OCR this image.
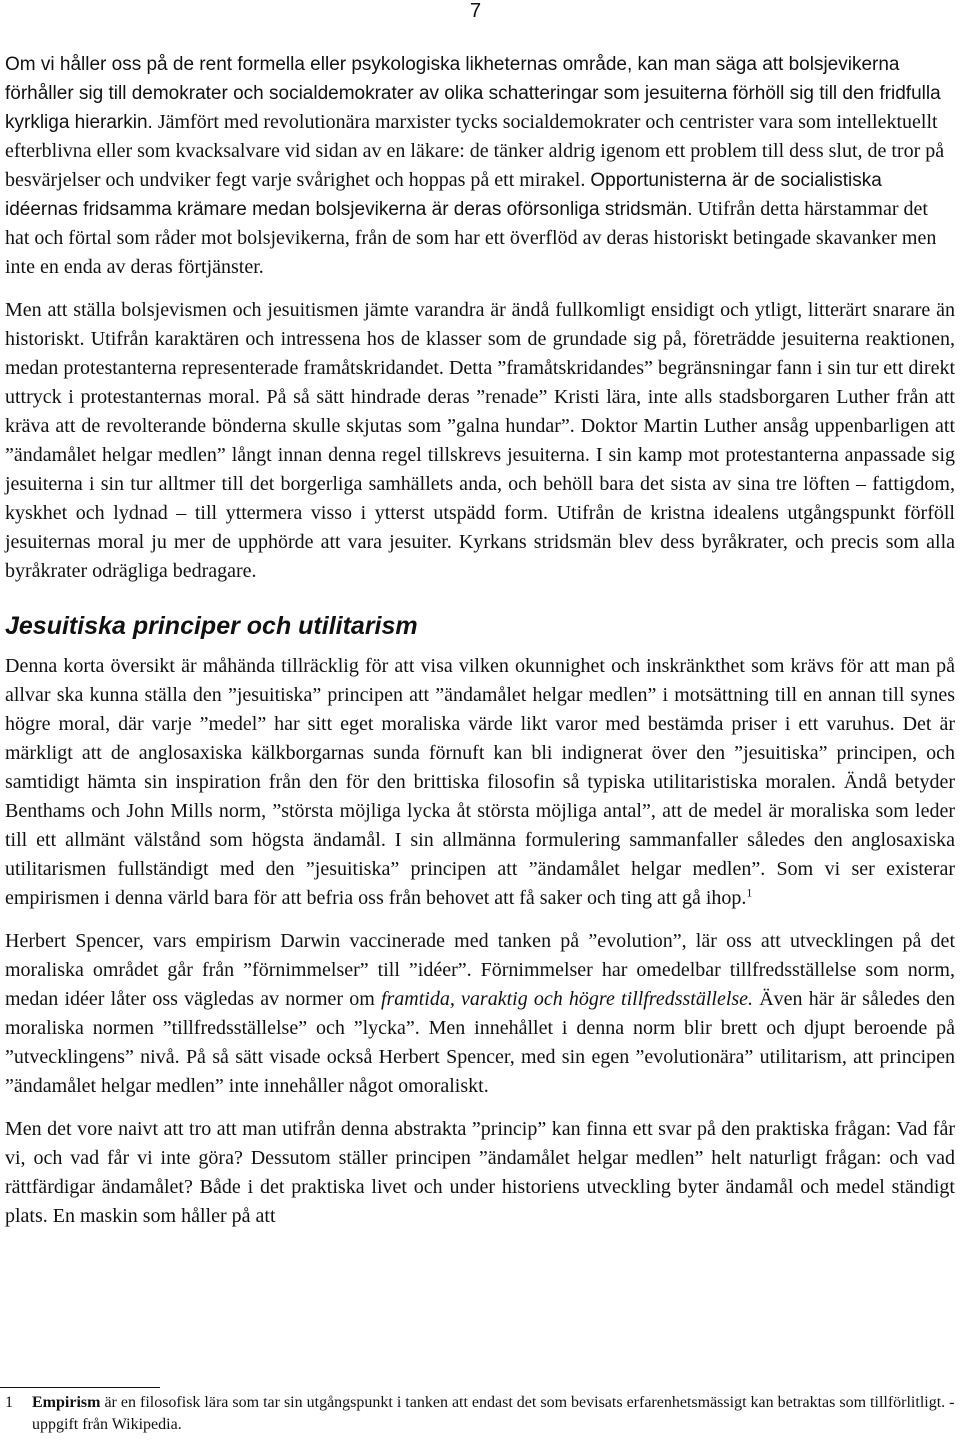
7

Om vi håller oss på de rent formella eller psykologiska likheternas område, kan man säga att bolsjevikerna förhåller sig till demokrater och socialdemokrater av olika schatteringar som jesuiterna förhöll sig till den fridfulla kyrkliga hierarkin. Jämfört med revolutionära marxister tycks socialdemokrater och centrister vara som intellektuellt efterblivna eller som kvacksalvare vid sidan av en läkare: de tänker aldrig igenom ett problem till dess slut, de tror på besvärjelser och undviker fegt varje svårighet och hoppas på ett mirakel. Opportunisterna är de socialistiska idéernas fridsamma krämare medan bolsjevikerna är deras oförsonliga stridsmän. Utifrån detta härstammar det hat och förtal som råder mot bolsjevikerna, från de som har ett överflöd av deras historiskt betingade skavanker men inte en enda av deras förtjänster.

Men att ställa bolsjevismen och jesuitismen jämte varandra är ändå fullkomligt ensidigt och ytligt, litterärt snarare än historiskt. Utifrån karaktären och intressena hos de klasser som de grundade sig på, företrädde jesuiterna reaktionen, medan protestanterna representerade framåtskridandet. Detta ”framåtskridandes” begränsningar fann i sin tur ett direkt uttryck i protestanternas moral. På så sätt hindrade deras ”renade” Kristi lära, inte alls stadsborgaren Luther från att kräva att de revolterande bönderna skulle skjutas som ”galna hundar”. Doktor Martin Luther ansåg uppenbarligen att ”ändamålet helgar medlen” långt innan denna regel tillskrevs jesuiterna. I sin kamp mot protestanterna anpassade sig jesuiterna i sin tur alltmer till det borgerliga samhällets anda, och behöll bara det sista av sina tre löften – fattigdom, kyskhet och lydnad – till yttermera visso i ytterst utspädd form. Utifrån de kristna idealens utgångspunkt förföll jesuiternas moral ju mer de upphörde att vara jesuiter. Kyrkans stridsmän blev dess byråkrater, och precis som alla byråkrater odrägliga bedragare.

Jesuitiska principer och utilitarism

Denna korta översikt är måhända tillräcklig för att visa vilken okunnighet och inskränkthet som krävs för att man på allvar ska kunna ställa den ”jesuitiska” principen att ”ändamålet helgar medlen” i motsättning till en annan till synes högre moral, där varje ”medel” har sitt eget moraliska värde likt varor med bestämda priser i ett varuhus. Det är märkligt att de anglosaxiska kälkborgarnas sunda förnuft kan bli indignerat över den ”jesuitiska” principen, och samtidigt hämta sin inspiration från den för den brittiska filosofin så typiska utilitaristiska moralen. Ändå betyder Benthams och John Mills norm, ”största möjliga lycka åt största möjliga antal”, att de medel är moraliska som leder till ett allmänt välstånd som högsta ändamål. I sin allmänna formulering sammanfaller således den anglosaxiska utilitarismen fullständigt med den ”jesuitiska” principen att ”ändamålet helgar medlen”. Som vi ser existerar empirismen i denna värld bara för att befria oss från behovet att få saker och ting att gå ihop.$^1$

Herbert Spencer, vars empirism Darwin vaccinerade med tanken på ”evolution”, lär oss att utvecklingen på det moraliska området går från ”förnimmelser” till ”idéer”. Förnimmelser har omedelbar tillfredsställelse som norm, medan idéer låter oss vägledas av normer om framtida, varaktig och högre tillfredsställelse. Även här är således den moraliska normen ”tillfredsställelse” och ”lycka”. Men innehållet i denna norm blir brett och djupt beroende på ”utvecklingens” nivå. På så sätt visade också Herbert Spencer, med sin egen ”evolutionära” utilitarism, att principen ”ändamålet helgar medlen” inte innehåller något omoraliskt.

Men det vore naivt att tro att man utifrån denna abstrakta ”princip” kan finna ett svar på den praktiska frågan: Vad får vi, och vad får vi inte göra? Dessutom ställer principen ”ändamålet helgar medlen” helt naturligt frågan: och vad rättfärdigar ändamålet? Både i det praktiska livet och under historiens utveckling byter ändamål och medel ständigt plats. En maskin som håller på att

1	Empirism är en filosofisk lära som tar sin utgångspunkt i tanken att endast det som bevisats erfarenhetsmässigt kan betraktas som tillförlitligt. - uppgift från Wikipedia.
